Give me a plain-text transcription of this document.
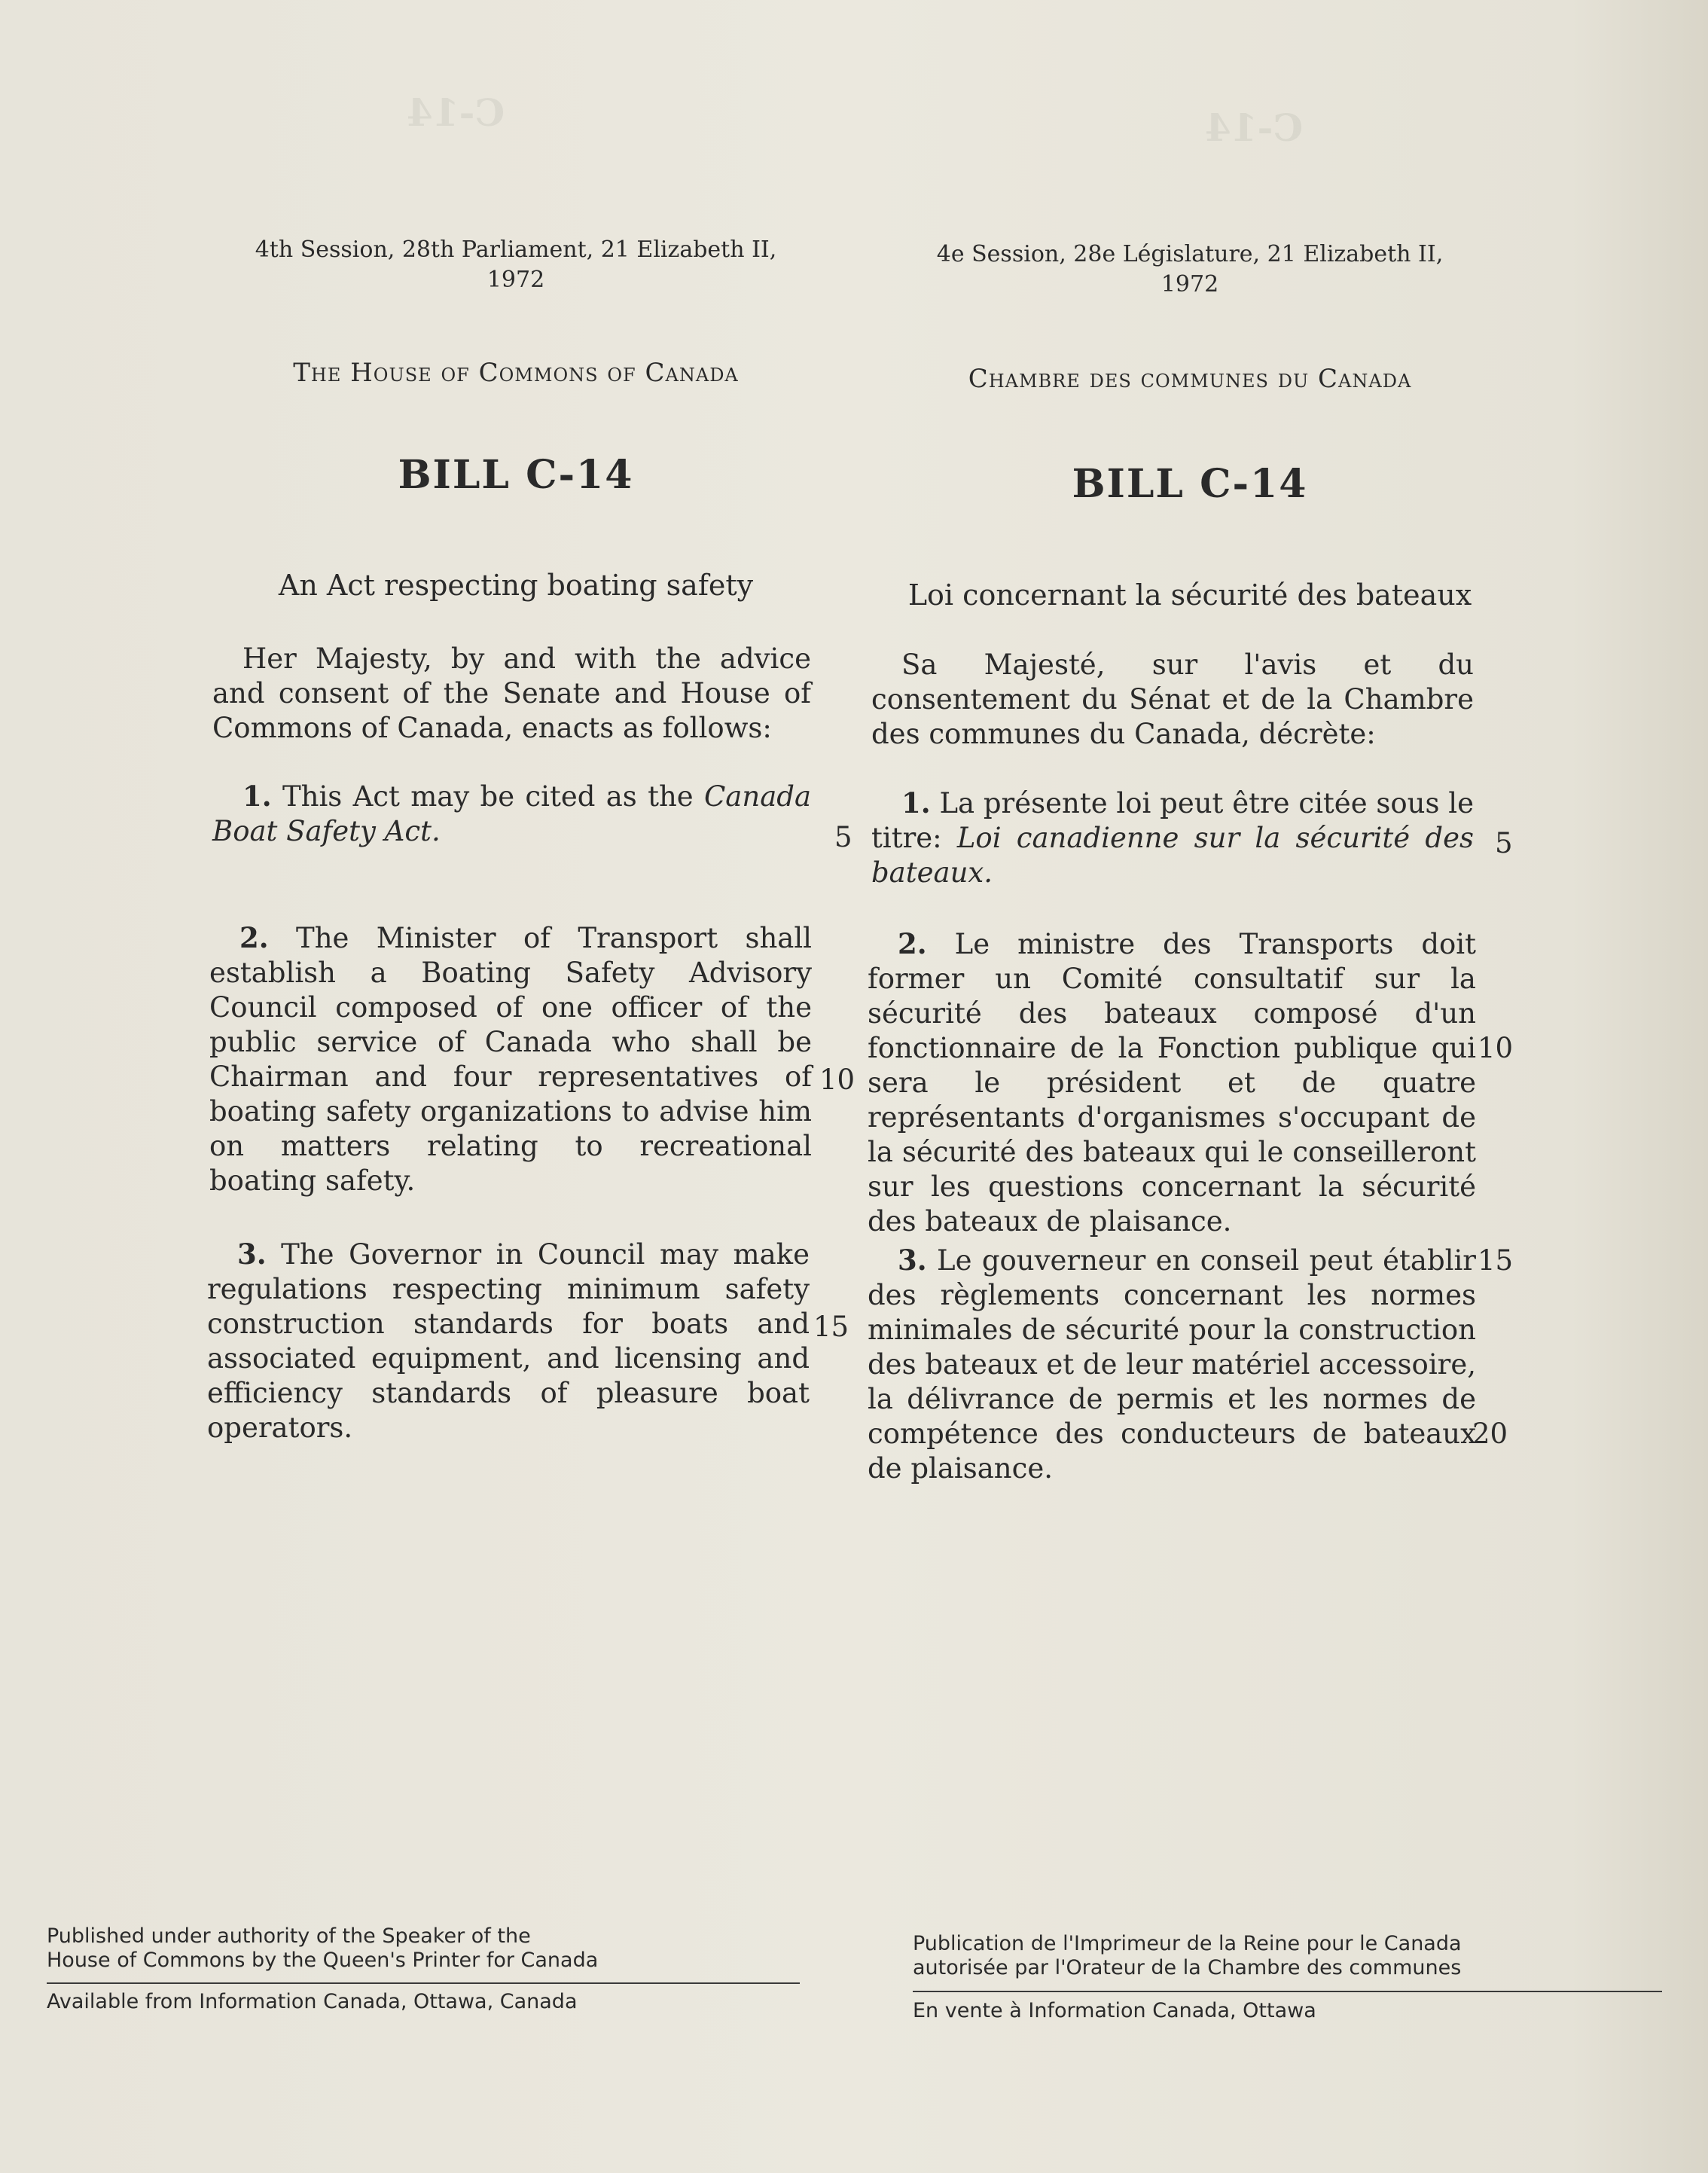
C-14	C-14
4th Session, 28th Parliament, 21 Elizabeth II,
1972
The House of Commons of Canada
BILL C-14
An Act respecting boating safety
Her Majesty, by and with the advice and consent of the Senate and House of Commons of Canada, enacts as follows:
1. This Act may be cited as the Canada Boat Safety Act.	5
2. The Minister of Transport shall establish a Boating Safety Advisory Council composed of one officer of the public service of Canada who shall be Chairman and four representatives of boating safety organizations to advise him on matters relating to recreational boating safety.
10
3. The Governor in Council may make regulations respecting minimum safety construction standards for boats and associated equipment, and licensing and efficiency standards of pleasure boat operators.
15
Published under authority of the Speaker of the
House of Commons by the Queen's Printer for Canada
Available from Information Canada, Ottawa, Canada
4e Session, 28e Législature, 21 Elizabeth II,
1972
Chambre des communes du Canada
BILL C-14
Loi concernant la sécurité des bateaux
Sa Majesté, sur l'avis et du consentement du Sénat et de la Chambre des communes du Canada, décrète:
1. La présente loi peut être citée sous le titre: Loi canadienne sur la sécurité des bateaux.
5
2. Le ministre des Transports doit former un Comité consultatif sur la sécurité des bateaux composé d'un fonctionnaire de la Fonction publique qui sera le président et de quatre représentants d'organismes s'occupant de la sécurité des bateaux qui le conseilleront sur les questions concernant la sécurité des bateaux de plaisance.
10
3. Le gouverneur en conseil peut établir des règlements concernant les normes minimales de sécurité pour la construction des bateaux et de leur matériel accessoire, la délivrance de permis et les normes de compétence des conducteurs de bateaux de plaisance.
15
20
Publication de l'Imprimeur de la Reine pour le Canada
autorisée par l'Orateur de la Chambre des communes
En vente à Information Canada, Ottawa
